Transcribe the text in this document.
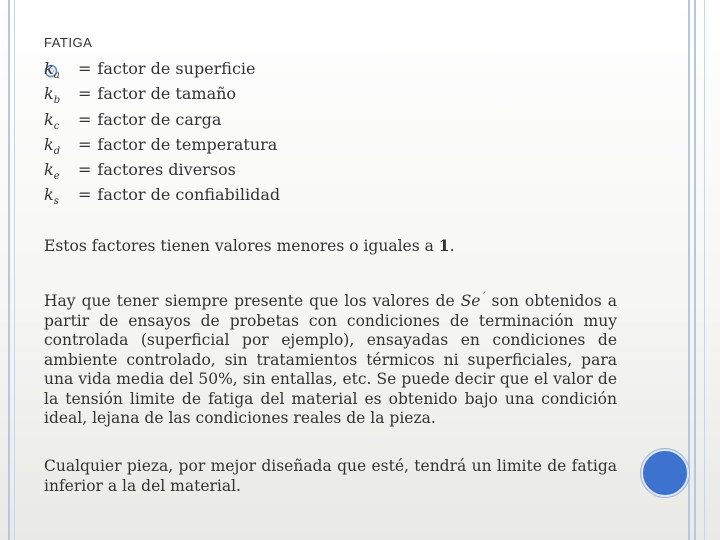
FATIGA
$k_a$ = factor de superficie
$k_b$ = factor de tamaño
$k_c$ = factor de carga
$k_d$ = factor de temperatura
$k_e$ = factores diversos
$k_s$ = factor de confiabilidad
Estos factores tienen valores menores o iguales a 1.
Hay que tener siempre presente que los valores de Se´ son obtenidos a partir de ensayos de probetas con condiciones de terminación muy controlada (superficial por ejemplo), ensayadas en condiciones de ambiente controlado, sin tratamientos térmicos ni superficiales, para una vida media del 50%, sin entallas, etc. Se puede decir que el valor de la tensión limite de fatiga del material es obtenido bajo una condición ideal, lejana de las condiciones reales de la pieza.
Cualquier pieza, por mejor diseñada que esté, tendrá un limite de fatiga inferior a la del material.
